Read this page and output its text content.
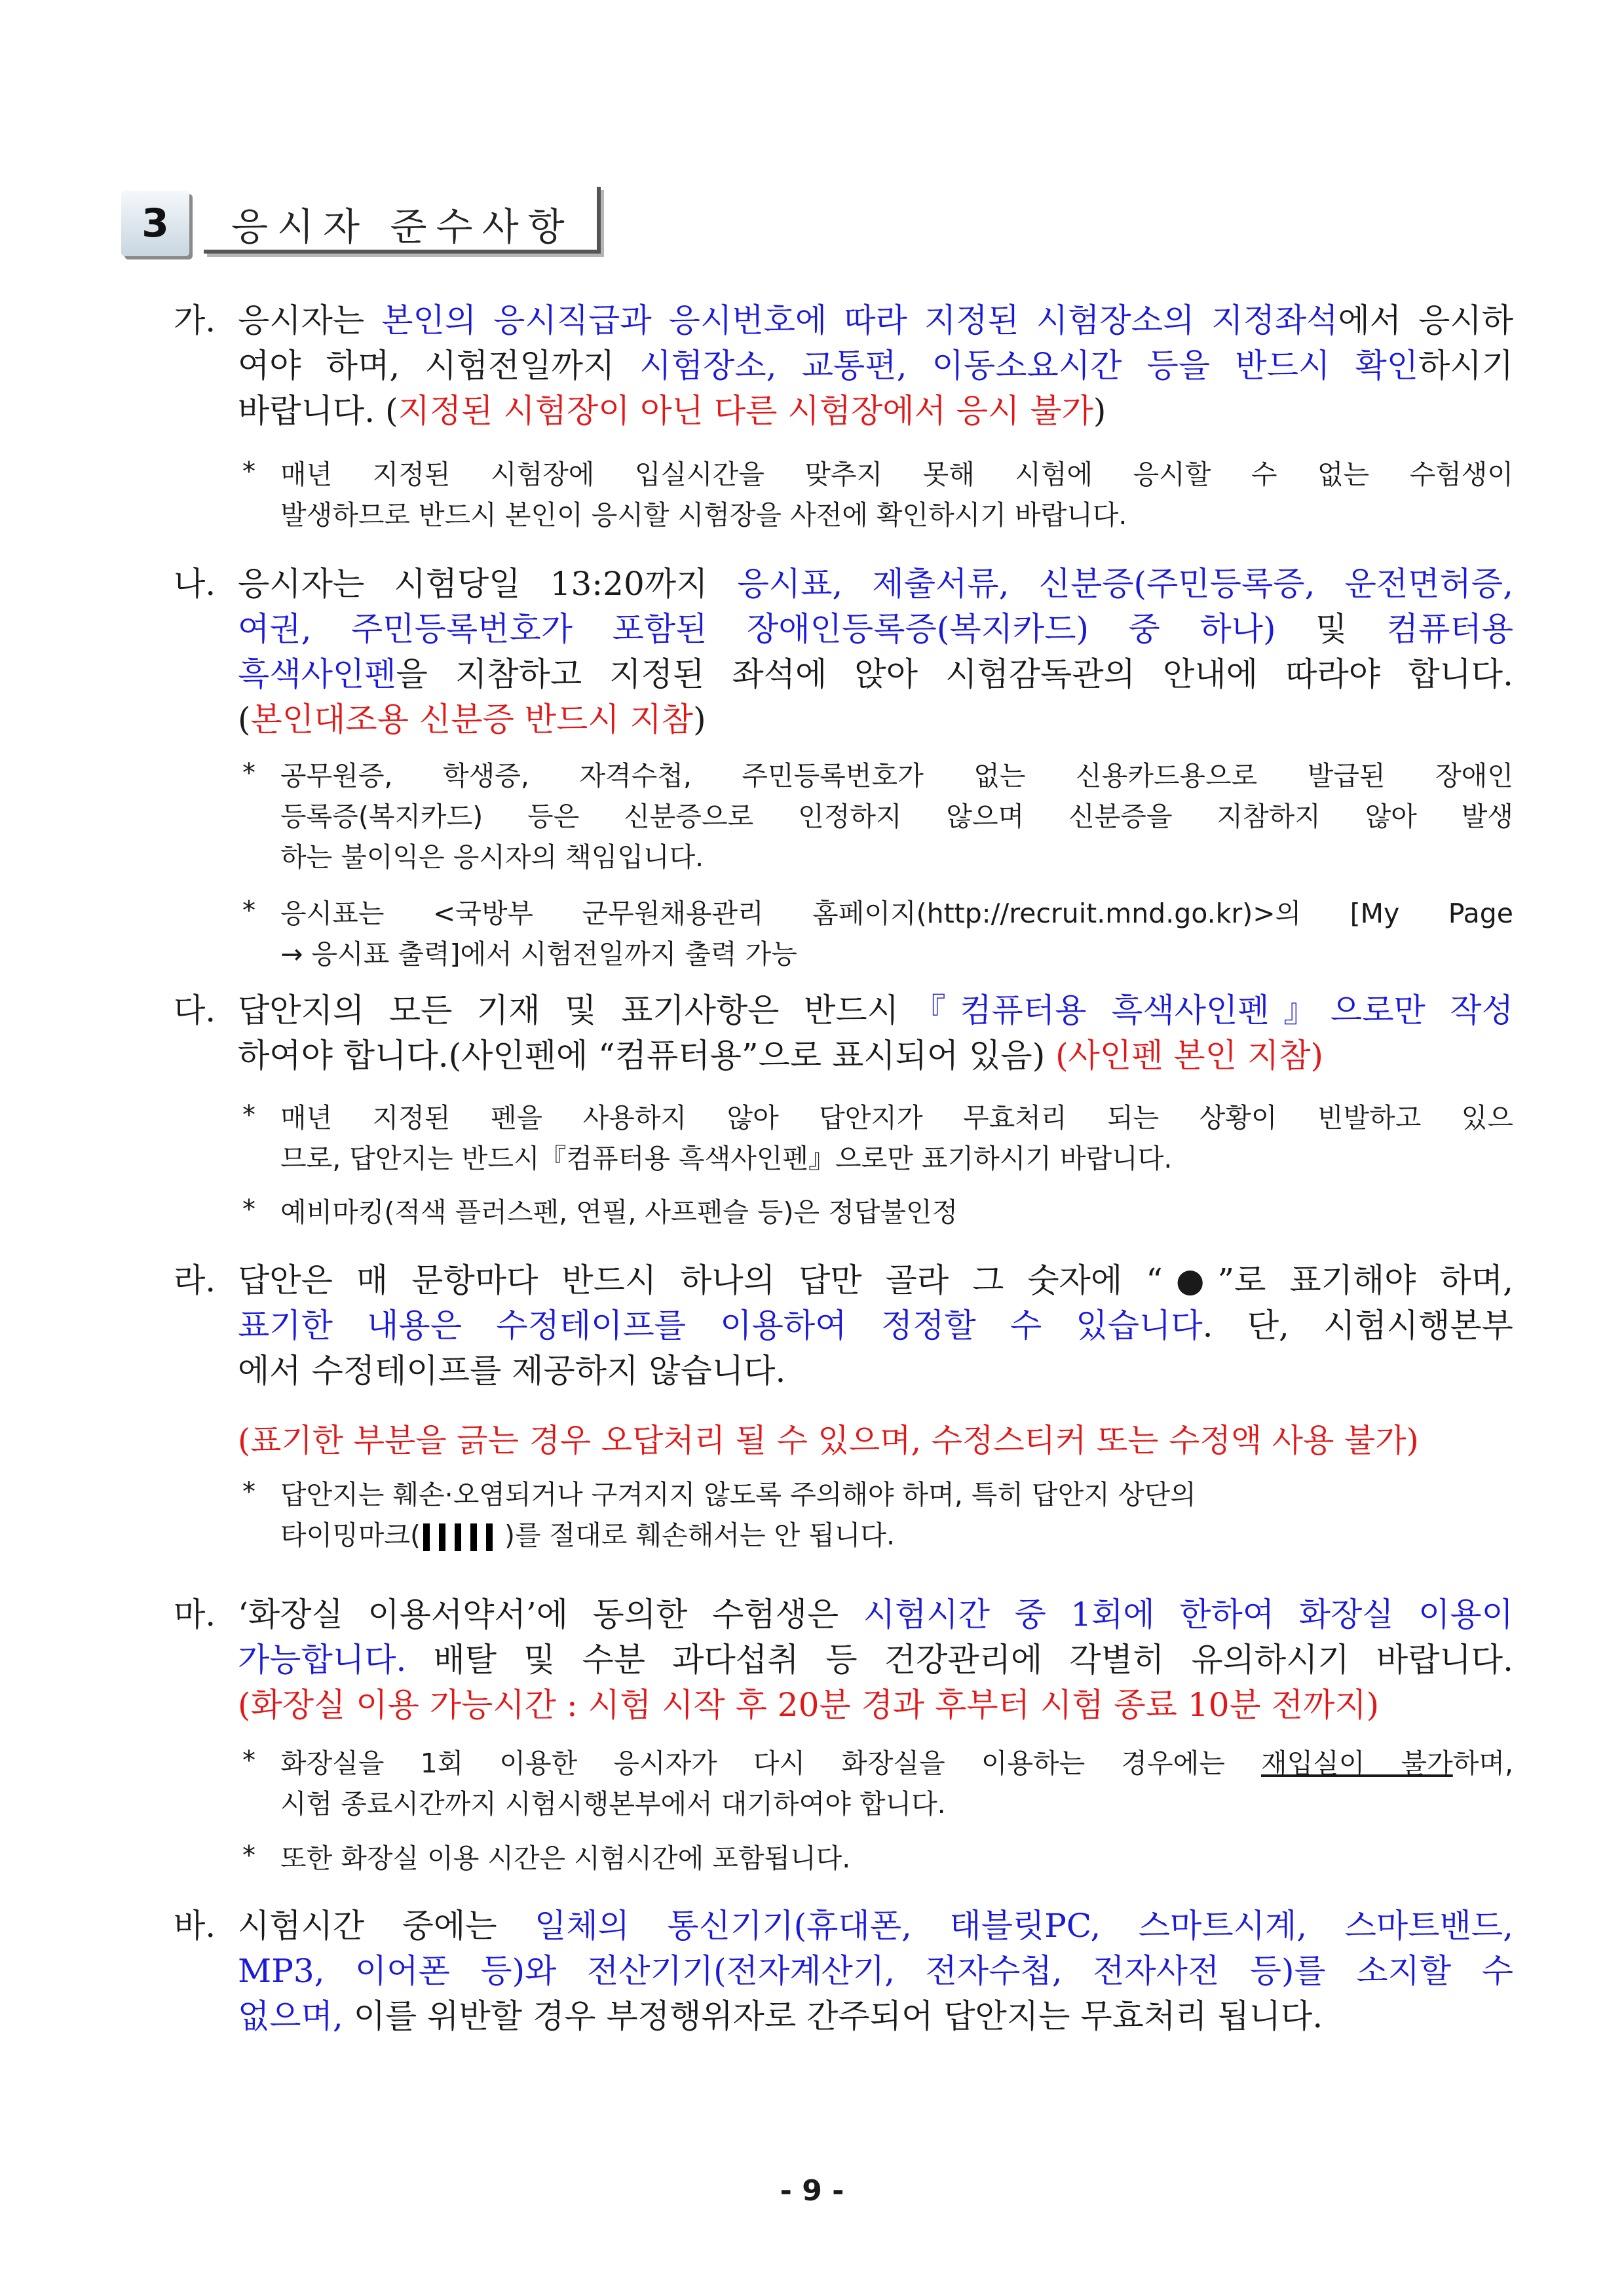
3	응시자 준수사항
가. 응시자는 본인의 응시직급과 응시번호에 따라 지정된 시험장소의 지정좌석에서 응시하

여야 하며, 시험전일까지 시험장소, 교통편, 이동소요시간 등을 반드시 확인하시기

바랍니다. (지정된 시험장이 아닌 다른 시험장에서 응시 불가)

* 매년 지정된 시험장에 입실시간을 맞추지 못해 시험에 응시할 수 없는 수험생이
발생하므로 반드시 본인이 응시할 시험장을 사전에 확인하시기 바랍니다.
나. 응시자는 시험당일 13:20까지 응시표, 제출서류, 신분증(주민등록증, 운전면허증,

여권, 주민등록번호가 포함된 장애인등록증(복지카드) 중 하나) 및 컴퓨터용

흑색사인펜을 지참하고 지정된 좌석에 앉아 시험감독관의 안내에 따라야 합니다.

(본인대조용 신분증 반드시 지참)

* 공무원증, 학생증, 자격수첩, 주민등록번호가 없는 신용카드용으로 발급된 장애인
등록증(복지카드) 등은 신분증으로 인정하지 않으며 신분증을 지참하지 않아 발생
하는 불이익은 응시자의 책임입니다.
* 응시표는 <국방부 군무원채용관리 홈페이지(http://recruit.mnd.go.kr)>의 [My Page
→ 응시표 출력]에서 시험전일까지 출력 가능
다. 답안지의 모든 기재 및 표기사항은 반드시『컴퓨터용 흑색사인펜』으로만 작성

하여야 합니다.(사인펜에 “컴퓨터용”으로 표시되어 있음) (사인펜 본인 지참)

* 매년 지정된 펜을 사용하지 않아 답안지가 무효처리 되는 상황이 빈발하고 있으
므로, 답안지는 반드시『컴퓨터용 흑색사인펜』으로만 표기하시기 바랍니다.
* 예비마킹(적색 플러스펜, 연필, 사프펜슬 등)은 정답불인정
라. 답안은 매 문항마다 반드시 하나의 답만 골라 그 숫자에 “●”로 표기해야 하며,

표기한 내용은 수정테이프를 이용하여 정정할 수 있습니다. 단, 시험시행본부

에서 수정테이프를 제공하지 않습니다.

(표기한 부분을 긁는 경우 오답처리 될 수 있으며, 수정스티커 또는 수정액 사용 불가)
* 답안지는 훼손·오염되거나 구겨지지 않도록 주의해야 하며, 특히 답안지 상단의
타이밍마크(	)를 절대로 훼손해서는 안 됩니다.
마. ‘화장실 이용서약서’에 동의한 수험생은 시험시간 중 1회에 한하여 화장실 이용이

가능합니다. 배탈 및 수분 과다섭취 등 건강관리에 각별히 유의하시기 바랍니다.

(화장실 이용 가능시간 : 시험 시작 후 20분 경과 후부터 시험 종료 10분 전까지)

* 화장실을 1회 이용한 응시자가 다시 화장실을 이용하는 경우에는 재입실이 불가하며,
시험 종료시간까지 시험시행본부에서 대기하여야 합니다.
* 또한 화장실 이용 시간은 시험시간에 포함됩니다.
바. 시험시간 중에는 일체의 통신기기(휴대폰, 태블릿PC, 스마트시계, 스마트밴드,

MP3, 이어폰 등)와 전산기기(전자계산기, 전자수첩, 전자사전 등)를 소지할 수

없으며, 이를 위반할 경우 부정행위자로 간주되어 답안지는 무효처리 됩니다.

- 9 -
